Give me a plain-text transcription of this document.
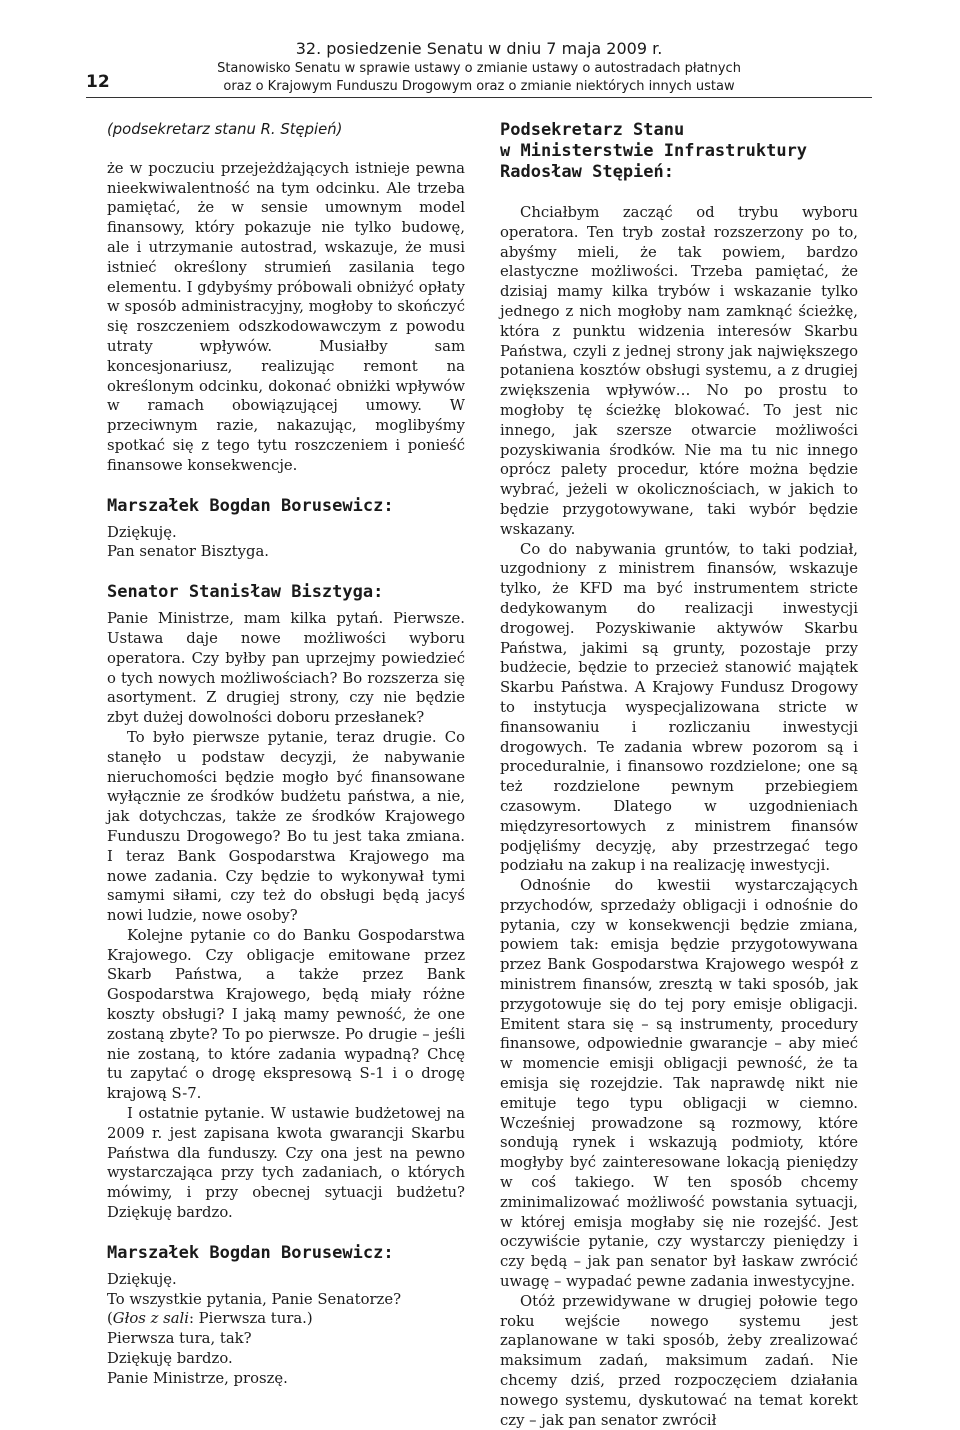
32. posiedzenie Senatu w dniu 7 maja 2009 r.
Stanowisko Senatu w sprawie ustawy o zmianie ustawy o autostradach płatnych
oraz o Krajowym Funduszu Drogowym oraz o zmianie niektórych innych ustaw
12

(podsekretarz stanu R. Stępień)

że w poczuciu przejeżdżających istnieje pewna nieekwiwalentność na tym odcinku. Ale trzeba pamiętać, że w sensie umownym model finansowy, który pokazuje nie tylko budowę, ale i utrzymanie autostrad, wskazuje, że musi istnieć określony strumień zasilania tego elementu. I gdybyśmy próbowali obniżyć opłaty w sposób administracyjny, mogłoby to skończyć się roszczeniem odszkodowawczym z powodu utraty wpływów. Musiałby sam koncesjonariusz, realizując remont na określonym odcinku, dokonać obniżki wpływów w ramach obowiązującej umowy. W przeciwnym razie, nakazując, moglibyśmy spotkać się z tego tytu roszczeniem i ponieść finansowe konsekwencje.

Marszałek Bogdan Borusewicz:

Dziękuję.

Pan senator Bisztyga.

Senator Stanisław Bisztyga:

Panie Ministrze, mam kilka pytań. Pierwsze. Ustawa daje nowe możliwości wyboru operatora. Czy byłby pan uprzejmy powiedzieć o tych nowych możliwościach? Bo rozszerza się asortyment. Z drugiej strony, czy nie będzie zbyt dużej dowolności doboru przesłanek?

To było pierwsze pytanie, teraz drugie. Co stanęło u podstaw decyzji, że nabywanie nieruchomości będzie mogło być finansowane wyłącznie ze środków budżetu państwa, a nie, jak dotychczas, także ze środków Krajowego Funduszu Drogowego? Bo tu jest taka zmiana. I teraz Bank Gospodarstwa Krajowego ma nowe zadania. Czy będzie to wykonywał tymi samymi siłami, czy też do obsługi będą jacyś nowi ludzie, nowe osoby?

Kolejne pytanie co do Banku Gospodarstwa Krajowego. Czy obligacje emitowane przez Skarb Państwa, a także przez Bank Gospodarstwa Krajowego, będą miały różne koszty obsługi? I jaką mamy pewność, że one zostaną zbyte? To po pierwsze. Po drugie – jeśli nie zostaną, to które zadania wypadną? Chcę tu zapytać o drogę ekspresową S-1 i o drogę krajową S-7.

I ostatnie pytanie. W ustawie budżetowej na 2009 r. jest zapisana kwota gwarancji Skarbu Państwa dla funduszy. Czy ona jest na pewno wystarczająca przy tych zadaniach, o których mówimy, i przy obecnej sytuacji budżetu? Dziękuję bardzo.

Marszałek Bogdan Borusewicz:

Dziękuję.

To wszystkie pytania, Panie Senatorze?

(Głos z sali: Pierwsza tura.)

Pierwsza tura, tak?

Dziękuję bardzo.

Panie Ministrze, proszę.

Podsekretarz Stanu
w Ministerstwie Infrastruktury
Radosław Stępień:

Chciałbym zacząć od trybu wyboru operatora. Ten tryb został rozszerzony po to, abyśmy mieli, że tak powiem, bardzo elastyczne możliwości. Trzeba pamiętać, że dzisiaj mamy kilka trybów i wskazanie tylko jednego z nich mogłoby nam zamknąć ścieżkę, która z punktu widzenia interesów Skarbu Państwa, czyli z jednej strony jak największego potaniena kosztów obsługi systemu, a z drugiej zwiększenia wpływów… No po prostu to mogłoby tę ścieżkę blokować. To jest nic innego, jak szersze otwarcie możliwości pozyskiwania środków. Nie ma tu nic innego oprócz palety procedur, które można będzie wybrać, jeżeli w okolicznościach, w jakich to będzie przygotowywane, taki wybór będzie wskazany.

Co do nabywania gruntów, to taki podział, uzgodniony z ministrem finansów, wskazuje tylko, że KFD ma być instrumentem stricte dedykowanym do realizacji inwestycji drogowej. Pozyskiwanie aktywów Skarbu Państwa, jakimi są grunty, pozostaje przy budżecie, będzie to przecież stanowić majątek Skarbu Państwa. A Krajowy Fundusz Drogowy to instytucja wyspecjalizowana stricte w finansowaniu i rozliczaniu inwestycji drogowych. Te zadania wbrew pozorom są i proceduralnie, i finansowo rozdzielone; one są też rozdzielone pewnym przebiegiem czasowym. Dlatego w uzgodnieniach międzyresortowych z ministrem finansów podjęliśmy decyzję, aby przestrzegać tego podziału na zakup i na realizację inwestycji.

Odnośnie do kwestii wystarczających przychodów, sprzedaży obligacji i odnośnie do pytania, czy w konsekwencji będzie zmiana, powiem tak: emisja będzie przygotowywana przez Bank Gospodarstwa Krajowego wespół z ministrem finansów, zresztą w taki sposób, jak przygotowuje się do tej pory emisje obligacji. Emitent stara się – są instrumenty, procedury finansowe, odpowiednie gwarancje – aby mieć w momencie emisji obligacji pewność, że ta emisja się rozejdzie. Tak naprawdę nikt nie emituje tego typu obligacji w ciemno. Wcześniej prowadzone są rozmowy, które sondują rynek i wskazują podmioty, które mogłyby być zainteresowane lokacją pieniędzy w coś takiego. W ten sposób chcemy zminimalizować możliwość powstania sytuacji, w której emisja mogłaby się nie rozejść. Jest oczywiście pytanie, czy wystarczy pieniędzy i czy będą – jak pan senator był łaskaw zwrócić uwagę – wypadać pewne zadania inwestycyjne.

Otóż przewidywane w drugiej połowie tego roku wejście nowego systemu jest zaplanowane w taki sposób, żeby zrealizować maksimum zadań, maksimum zadań. Nie chcemy dziś, przed rozpoczęciem działania nowego systemu, dyskutować na temat korekt czy – jak pan senator zwrócił
